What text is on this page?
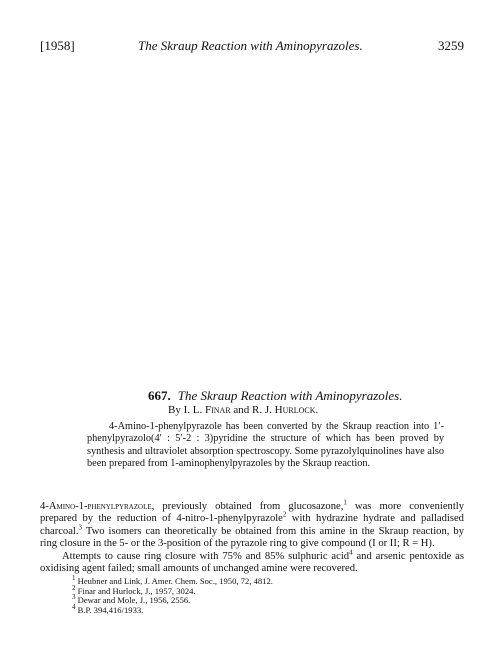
[1958]	The Skraup Reaction with Aminopyrazoles.	3259
667. The Skraup Reaction with Aminopyrazoles.
By I. L. Finar and R. J. Hurlock.

4-Amino-1-phenylpyrazole has been converted by the Skraup reaction into 1′-phenylpyrazolo(4′ : 5′-2 : 3)pyridine the structure of which has been proved by synthesis and ultraviolet absorption spectroscopy. Some pyrazolylquinolines have also been prepared from 1-aminophenylpyrazoles by the Skraup reaction.

4-Amino-1-phenylpyrazole, previously obtained from glucosazone,$^1$ was more conveniently prepared by the reduction of 4-nitro-1-phenylpyrazole$^2$ with hydrazine hydrate and palladised charcoal.$^3$ Two isomers can theoretically be obtained from this amine in the Skraup reaction, by ring closure in the 5- or the 3-position of the pyrazole ring to give compound (I or II; R = H).

Attempts to cause ring closure with 75% and 85% sulphuric acid$^4$ and arsenic pentoxide as oxidising agent failed; small amounts of unchanged amine were recovered.

$^1$ Heubner and Link, J. Amer. Chem. Soc., 1950, 72, 4812.
$^2$ Finar and Hurlock, J., 1957, 3024.
$^3$ Dewar and Mole, J., 1956, 2556.
$^4$ B.P. 394,416/1933.
